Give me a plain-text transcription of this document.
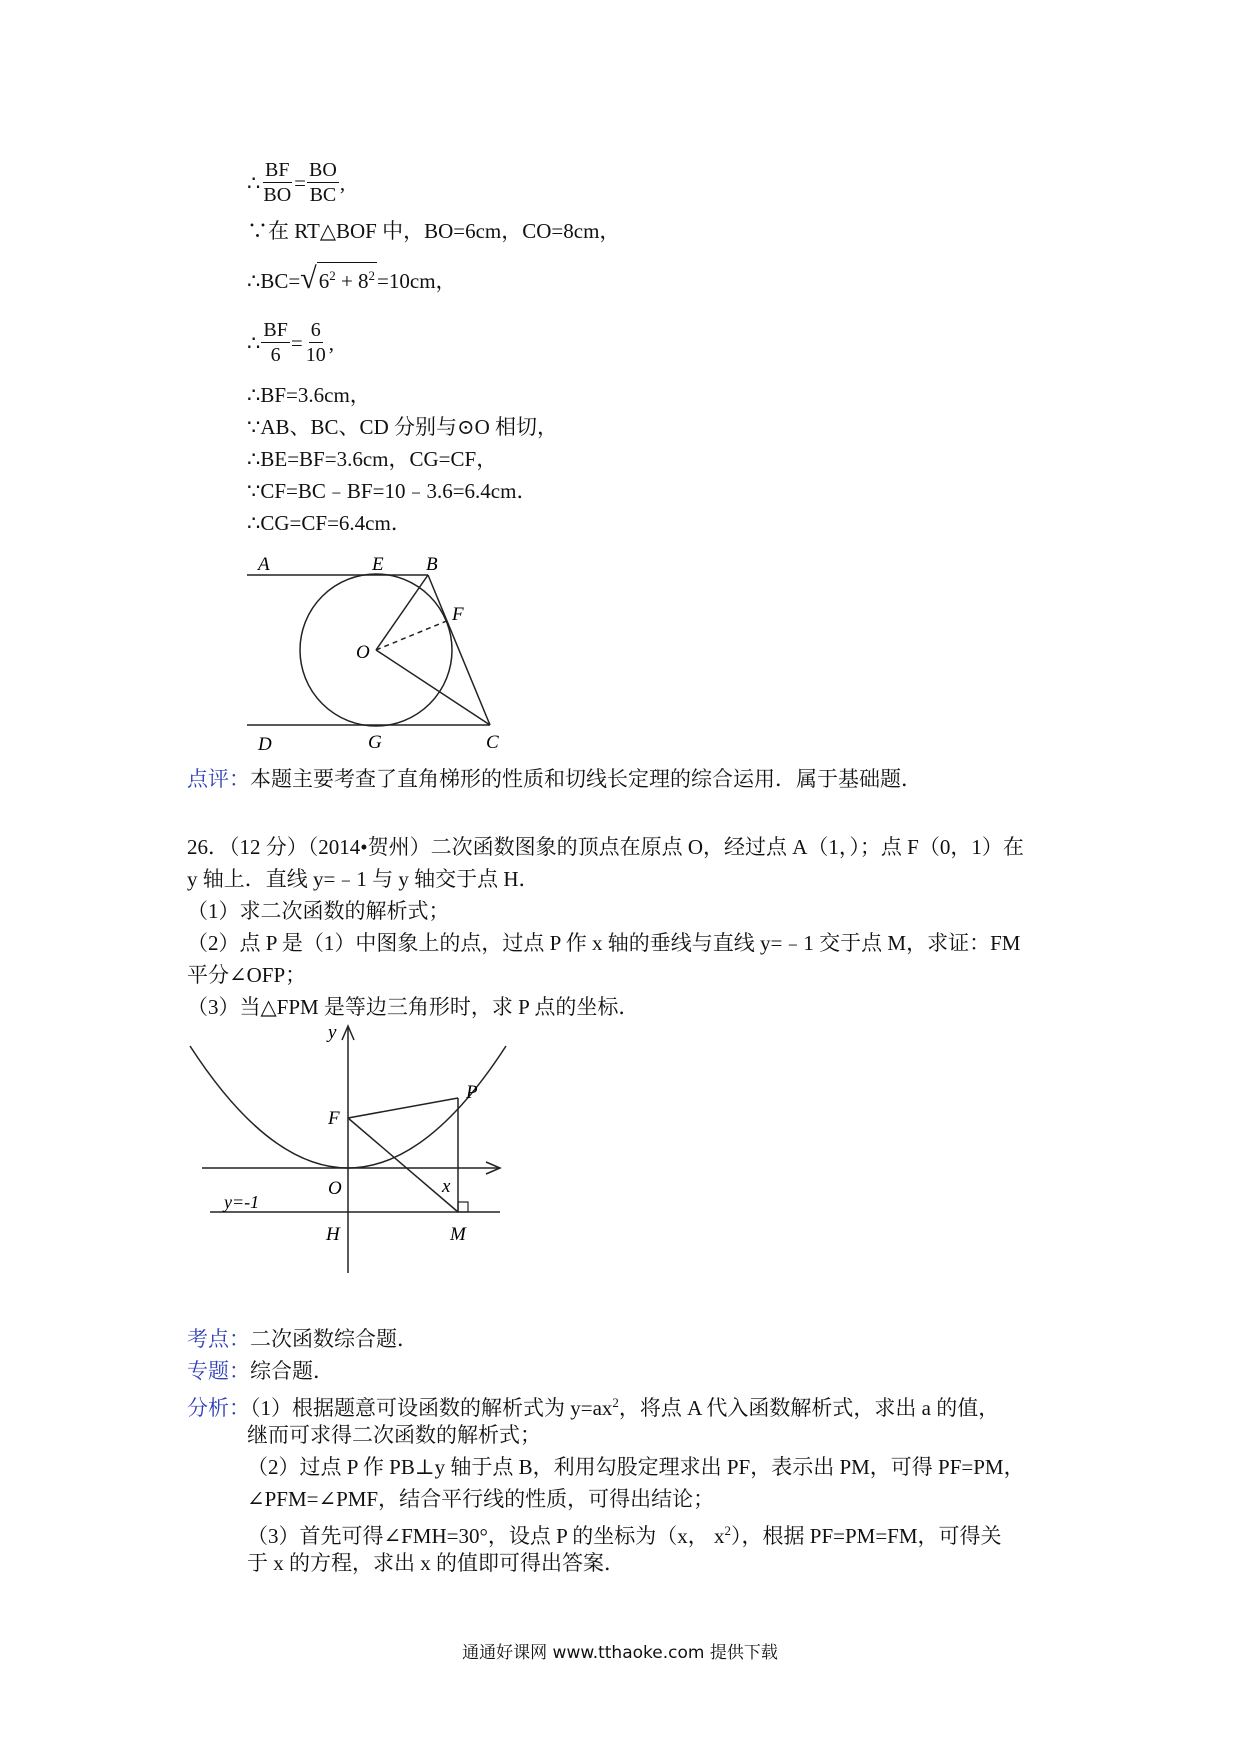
∴ $\frac{BF}{BO} = \frac{BO}{BC}$ ,
∵在 RT△BOF 中，BO=6cm，CO=8cm，
∴BC= √ $6^2 + 8^2 =10cm$，
∴ $\frac{BF}{6} = \frac{6}{10}$ ,
∴BF=3.6cm，
∵AB、BC、CD 分别与⊙O 相切，
∴BE=BF=3.6cm，CG=CF，
∵CF=BC﹣BF=10﹣3.6=6.4cm．
∴CG=CF=6.4cm．
A	E B
F
O
D	G	C
点评：本题主要考查了直角梯形的性质和切线长定理的综合运用．属于基础题．
26．（12 分）（2014•贺州）二次函数图象的顶点在原点 O，经过点 A（1，）；点 F（0，1）在
y 轴上．直线 y=﹣1 与 y 轴交于点 H．
（1）求二次函数的解析式；
（2）点 P 是（1）中图象上的点，过点 P 作 x 轴的垂线与直线 y=﹣1 交于点 M，求证：FM
平分∠OFP；
（3）当△FPM 是等边三角形时，求 P 点的坐标．
y
x
P
F
O
y=-1
H	M
考点：二次函数综合题．
专题：综合题．
分析：（1）根据题意可设函数的解析式为 $y=ax^2$，将点 A 代入函数解析式，求出 a 的值，
继而可求得二次函数的解析式；
（2）过点 P 作 PB⊥y 轴于点 B，利用勾股定理求出 PF，表示出 PM，可得 PF=PM，
∠PFM=∠PMF，结合平行线的性质，可得出结论；
（3）首先可得∠FMH=30°，设点 P 的坐标为（x， $x^2$），根据 PF=PM=FM，可得关
于 x 的方程，求出 x 的值即可得出答案．
通通好课网 www.tthaoke.com 提供下载
